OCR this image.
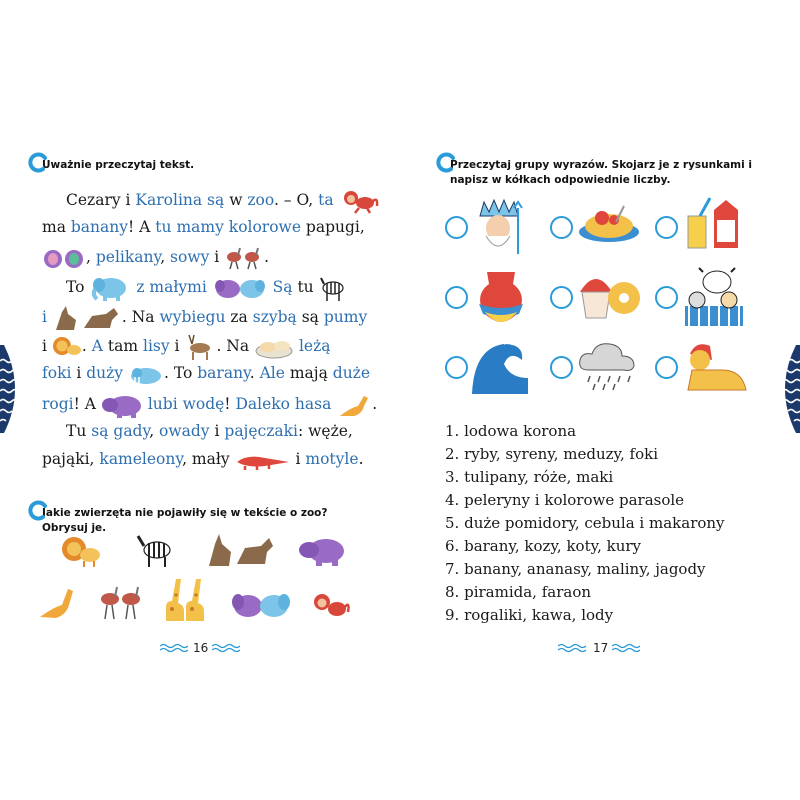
Uważnie przeczytaj tekst.
Cezary i Karolina są w zoo. – O, ta
ma banany! A tu mamy kolorowe papugi,
, pelikany, sowy i	.
To	z małymi	Są tu
i	. Na wybiegu za szybą są pumy
i . A tam lisy i . Na	leżą
foki i duży	. To barany. Ale mają duże
rogi! A	lubi wodę! Daleko hasa	.
Tu są gady, owady i pajęczaki: węże,
pająki, kameleony, mały	i motyle.
Jakie zwierzęta nie pojawiły się w tekście o zoo? Obrysuj je.
16
Przeczytaj grupy wyrazów. Skojarz je z rysunkami i napisz w kółkach odpowiednie liczby.
1. lodowa korona
2. ryby, syreny, meduzy, foki
3. tulipany, róże, maki
4. peleryny i kolorowe parasole
5. duże pomidory, cebula i makarony
6. barany, kozy, koty, kury
7. banany, ananasy, maliny, jagody
8. piramida, faraon
9. rogaliki, kawa, lody
17
